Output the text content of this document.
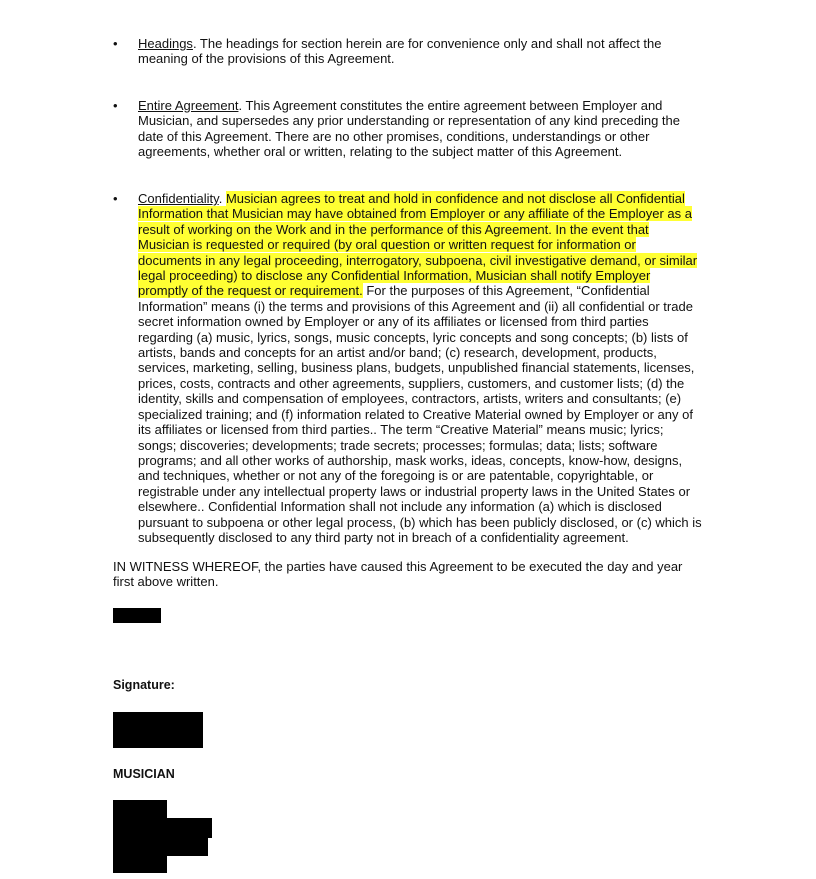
•	Headings. The headings for section herein are for convenience only and shall not affect the meaning of the provisions of this Agreement.
•	Entire Agreement. This Agreement constitutes the entire agreement between Employer and Musician, and supersedes any prior understanding or representation of any kind preceding the date of this Agreement. There are no other promises, conditions, understandings or other agreements, whether oral or written, relating to the subject matter of this Agreement.
•	Confidentiality. Musician agrees to treat and hold in confidence and not disclose all Confidential Information that Musician may have obtained from Employer or any affiliate of the Employer as a result of working on the Work and in the performance of this Agreement. In the event that Musician is requested or required (by oral question or written request for information or documents in any legal proceeding, interrogatory, subpoena, civil investigative demand, or similar legal proceeding) to disclose any Confidential Information, Musician shall notify Employer promptly of the request or requirement. For the purposes of this Agreement, “Confidential Information” means (i) the terms and provisions of this Agreement and (ii) all confidential or trade secret information owned by Employer or any of its affiliates or licensed from third parties regarding (a) music, lyrics, songs, music concepts, lyric concepts and song concepts; (b) lists of artists, bands and concepts for an artist and/or band; (c) research, development, products, services, marketing, selling, business plans, budgets, unpublished financial statements, licenses, prices, costs, contracts and other agreements, suppliers, customers, and customer lists; (d) the identity, skills and compensation of employees, contractors, artists, writers and consultants; (e) specialized training; and (f) information related to Creative Material owned by Employer or any of its affiliates or licensed from third parties.. The term “Creative Material” means music; lyrics; songs; discoveries; developments; trade secrets; processes; formulas; data; lists; software programs; and all other works of authorship, mask works, ideas, concepts, know-how, designs, and techniques, whether or not any of the foregoing is or are patentable, copyrightable, or registrable under any intellectual property laws or industrial property laws in the United States or elsewhere.. Confidential Information shall not include any information (a) which is disclosed pursuant to subpoena or other legal process, (b) which has been publicly disclosed, or (c) which is subsequently disclosed to any third party not in breach of a confidentiality agreement.
IN WITNESS WHEREOF, the parties have caused this Agreement to be executed the day and year first above written.
Signature:
MUSICIAN
